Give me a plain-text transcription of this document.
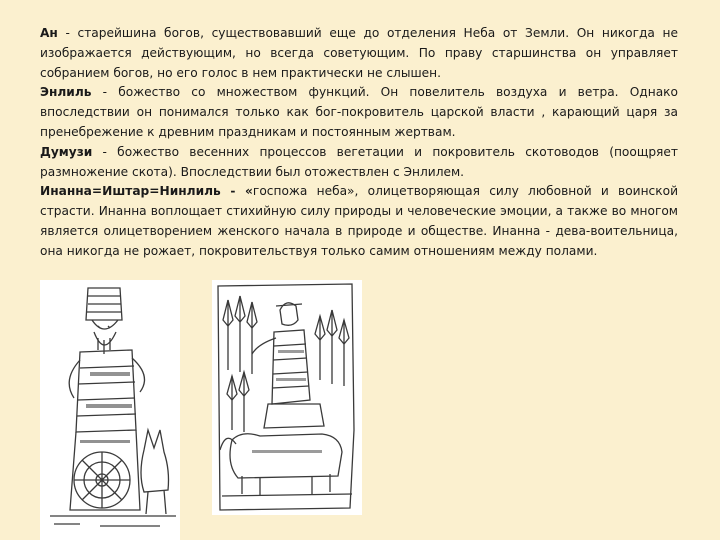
Ан - старейшина богов, существовавший еще до отделения Неба от Земли. Он никогда не изображается действующим, но всегда советующим. По праву старшинства он управляет собранием богов, но его голос в нем практически не слышен.
Энлиль - божество со множеством функций. Он повелитель воздуха и ветра. Однако впоследствии он понимался только как бог-покровитель царской власти , карающий царя за пренебрежение к древним праздникам и постоянным жертвам.
Думузи - божество весенних процессов вегетации и покровитель скотоводов (поощряет размножение скота). Впоследствии был отожествлен с Энлилем.
Инанна=Иштар=Нинлиль - «госпожа неба», олицетворяющая силу любовной и воинской страсти. Инанна воплощает стихийную силу природы и человеческие эмоции, а также во многом является олицетворением женского начала в природе и обществе. Инанна - дева-воительница, она никогда не рожает, покровительствуя только самим отношениям между полами.
